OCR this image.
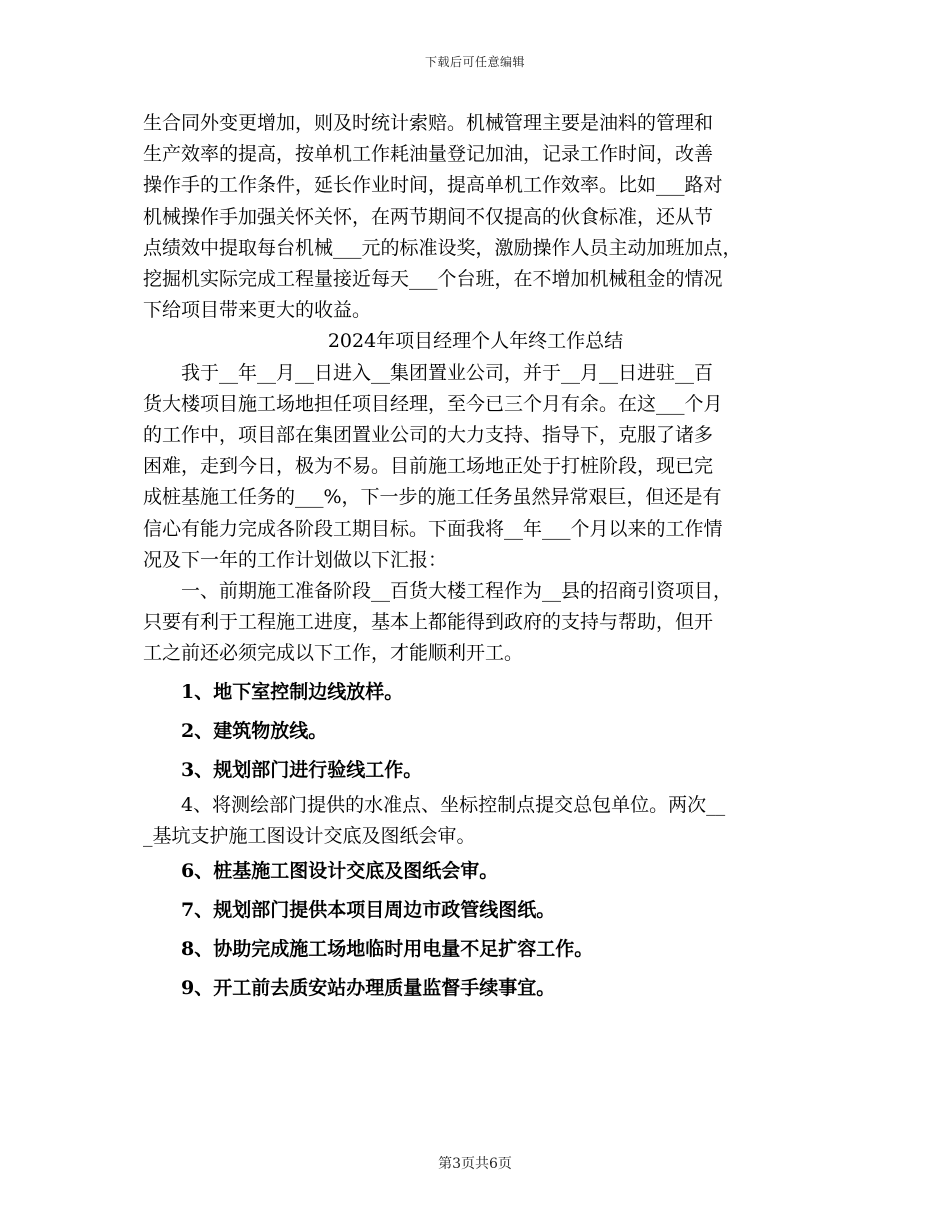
下载后可任意编辑

生合同外变更增加，则及时统计索赔。机械管理主要是油料的管理和

生产效率的提高，按单机工作耗油量登记加油，记录工作时间，改善

操作手的工作条件，延长作业时间，提高单机工作效率。比如___路对

机械操作手加强关怀关怀，在两节期间不仅提高的伙食标准，还从节

点绩效中提取每台机械___元的标准设奖，激励操作人员主动加班加点，

挖掘机实际完成工程量接近每天___个台班，在不增加机械租金的情况

下给项目带来更大的收益。

2024年项目经理个人年终工作总结

我于__年__月__日进入__集团置业公司，并于__月__日进驻__百

货大楼项目施工场地担任项目经理，至今已三个月有余。在这___个月

的工作中，项目部在集团置业公司的大力支持、指导下，克服了诸多

困难，走到今日，极为不易。目前施工场地正处于打桩阶段，现已完

成桩基施工任务的___%，下一步的施工任务虽然异常艰巨，但还是有

信心有能力完成各阶段工期目标。下面我将__年___个月以来的工作情

况及下一年的工作计划做以下汇报：

一、前期施工准备阶段__百货大楼工程作为__县的招商引资项目，

只要有利于工程施工进度，基本上都能得到政府的支持与帮助，但开

工之前还必须完成以下工作，才能顺利开工。

1、地下室控制边线放样。

2、建筑物放线。

3、规划部门进行验线工作。

4、将测绘部门提供的水准点、坐标控制点提交总包单位。两次__

_基坑支护施工图设计交底及图纸会审。

6、桩基施工图设计交底及图纸会审。

7、规划部门提供本项目周边市政管线图纸。

8、协助完成施工场地临时用电量不足扩容工作。

9、开工前去质安站办理质量监督手续事宜。

第3页共6页
